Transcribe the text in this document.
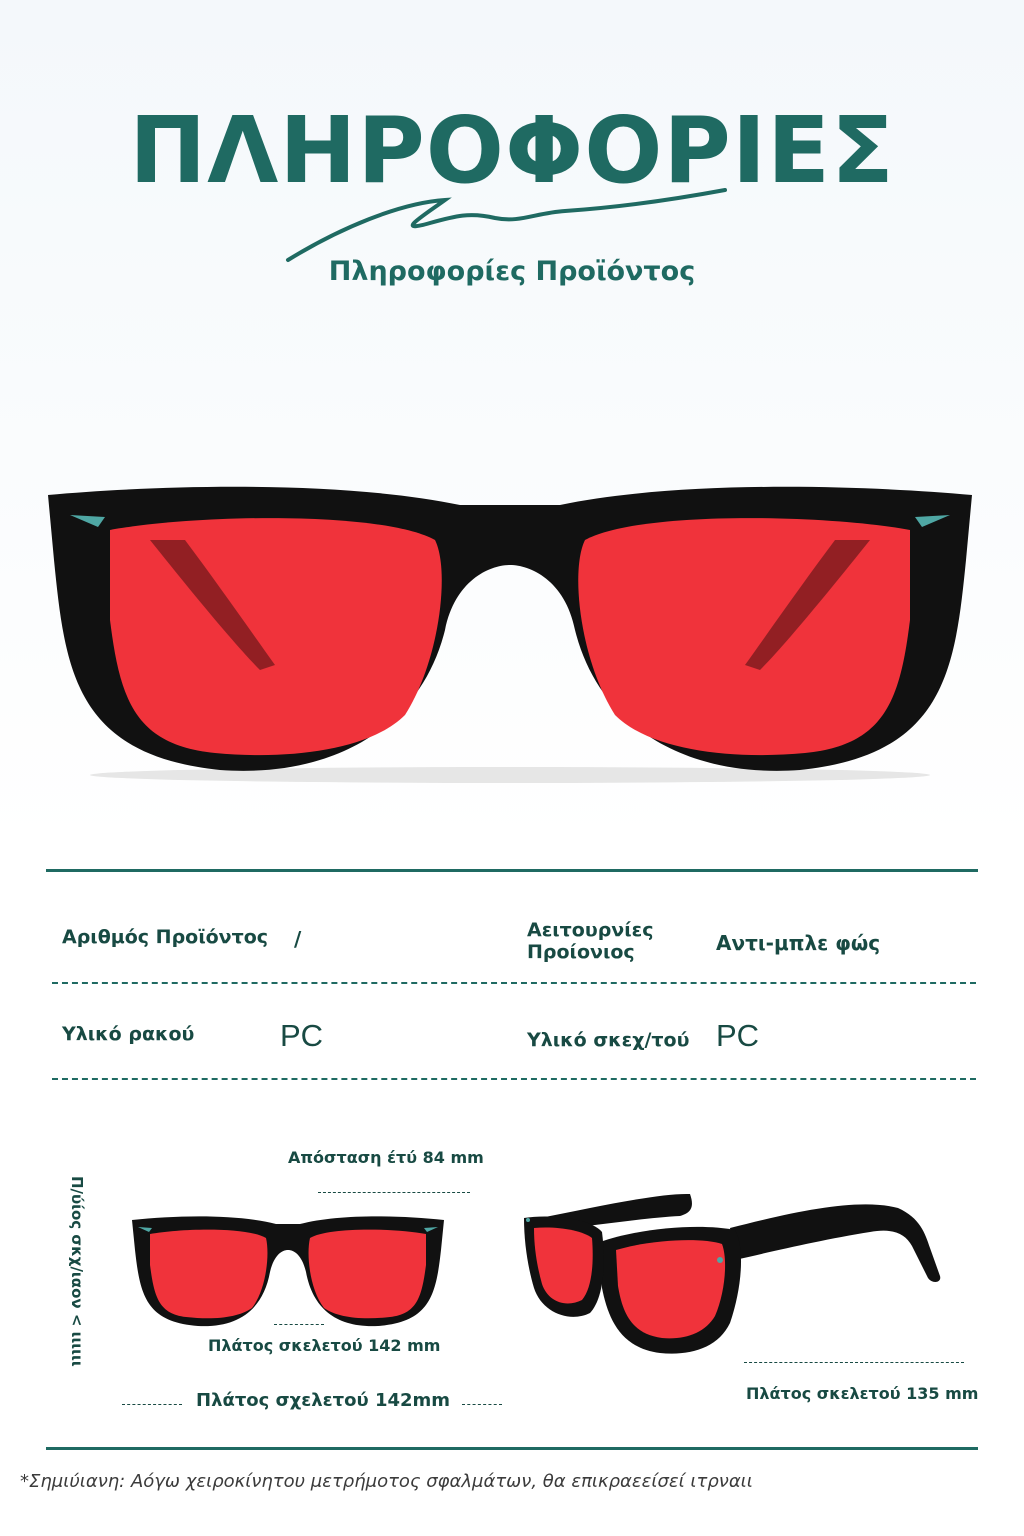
ΠΛΗΡΟΦΟΡΙΕΣ
Πληροφορίες Προϊόντος
Αριθμός Προϊόντος /	Αειτουρνίες Προίονιος	Αντι-μπλε φώς
Υλικό ρακού	PC	Υλικό σκεχ/τού PC
Απόσταση έτύ 84 mm
Π/ύίος σκχ/ιαον < ιιιιιι	Πλάτος σκελετού 142 mm
Πλάτος σχελετού 142mm	Πλάτος σκελετού 135 mm
*Σημιύιανη: Αόγω χειροκίνητου μετρήμοτος σφαλμάτων, θα επικραεείσεί ιτρναιι
